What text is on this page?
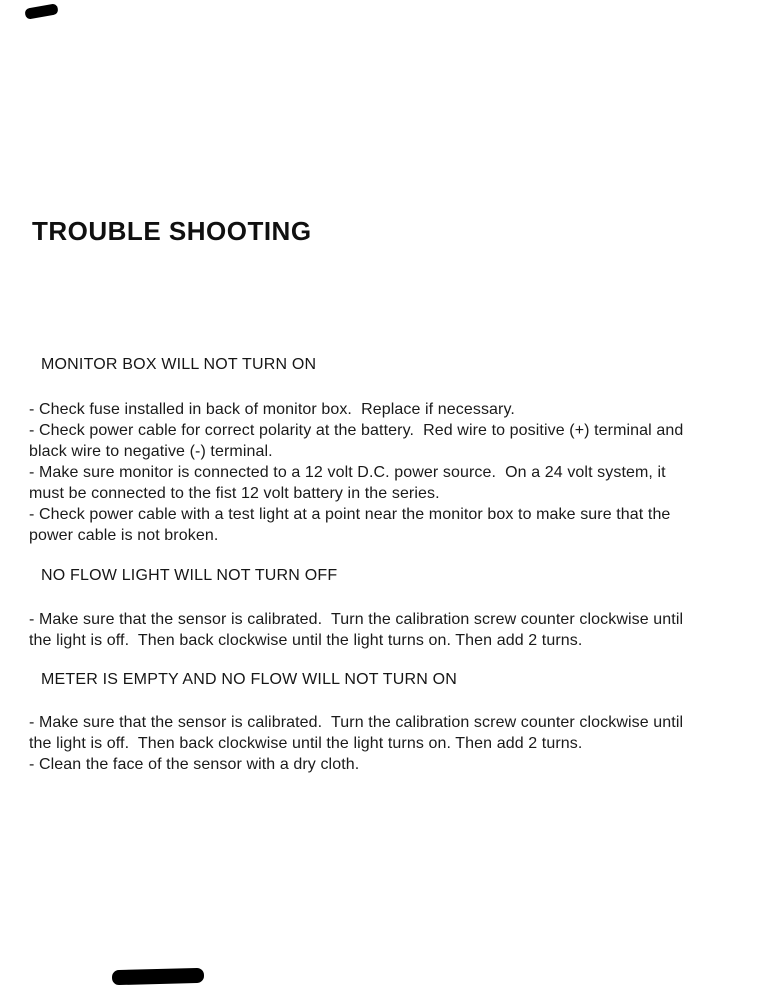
TROUBLE SHOOTING
MONITOR BOX WILL NOT TURN ON
- Check fuse installed in back of monitor box.  Replace if necessary.
- Check power cable for correct polarity at the battery.  Red wire to positive (+) terminal and
black wire to negative (-) terminal.
- Make sure monitor is connected to a 12 volt D.C. power source.  On a 24 volt system, it
must be connected to the fist 12 volt battery in the series.
- Check power cable with a test light at a point near the monitor box to make sure that the
power cable is not broken.
NO FLOW LIGHT WILL NOT TURN OFF
- Make sure that the sensor is calibrated.  Turn the calibration screw counter clockwise until
the light is off.  Then back clockwise until the light turns on. Then add 2 turns.
METER IS EMPTY AND NO FLOW WILL NOT TURN ON
- Make sure that the sensor is calibrated.  Turn the calibration screw counter clockwise until
the light is off.  Then back clockwise until the light turns on. Then add 2 turns.
- Clean the face of the sensor with a dry cloth.
